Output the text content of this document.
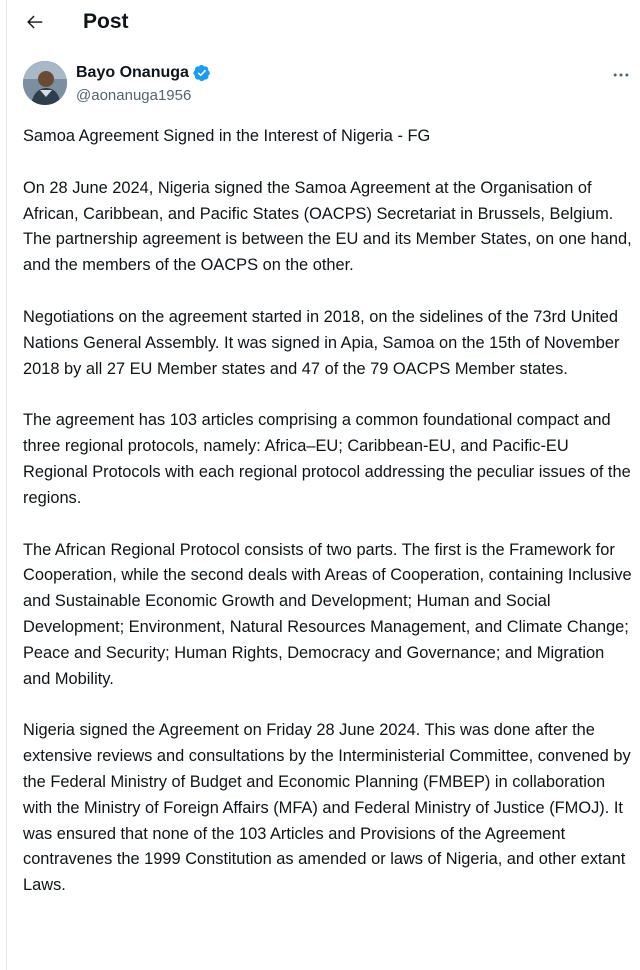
Post
Bayo Onanuga
@aonanuga1956

Samoa Agreement Signed in the Interest of Nigeria - FG

On 28 June 2024, Nigeria signed the Samoa Agreement at the Organisation of African, Caribbean, and Pacific States (OACPS) Secretariat in Brussels, Belgium. The partnership agreement is between the EU and its Member States, on one hand, and the members of the OACPS on the other.

Negotiations on the agreement started in 2018, on the sidelines of the 73rd United Nations General Assembly. It was signed in Apia, Samoa on the 15th of November 2018 by all 27 EU Member states and 47 of the 79 OACPS Member states.

The agreement has 103 articles comprising a common foundational compact and three regional protocols, namely: Africa–EU; Caribbean-EU, and Pacific-EU Regional Protocols with each regional protocol addressing the peculiar issues of the regions.

The African Regional Protocol consists of two parts. The first is the Framework for Cooperation, while the second deals with Areas of Cooperation, containing Inclusive and Sustainable Economic Growth and Development; Human and Social Development; Environment, Natural Resources Management, and Climate Change; Peace and Security; Human Rights, Democracy and Governance; and Migration and Mobility.

Nigeria signed the Agreement on Friday 28 June 2024. This was done after the extensive reviews and consultations by the Interministerial Committee, convened by the Federal Ministry of Budget and Economic Planning (FMBEP) in collaboration with the Ministry of Foreign Affairs (MFA) and Federal Ministry of Justice (FMOJ). It was ensured that none of the 103 Articles and Provisions of the Agreement contravenes the 1999 Constitution as amended or laws of Nigeria, and other extant Laws.
